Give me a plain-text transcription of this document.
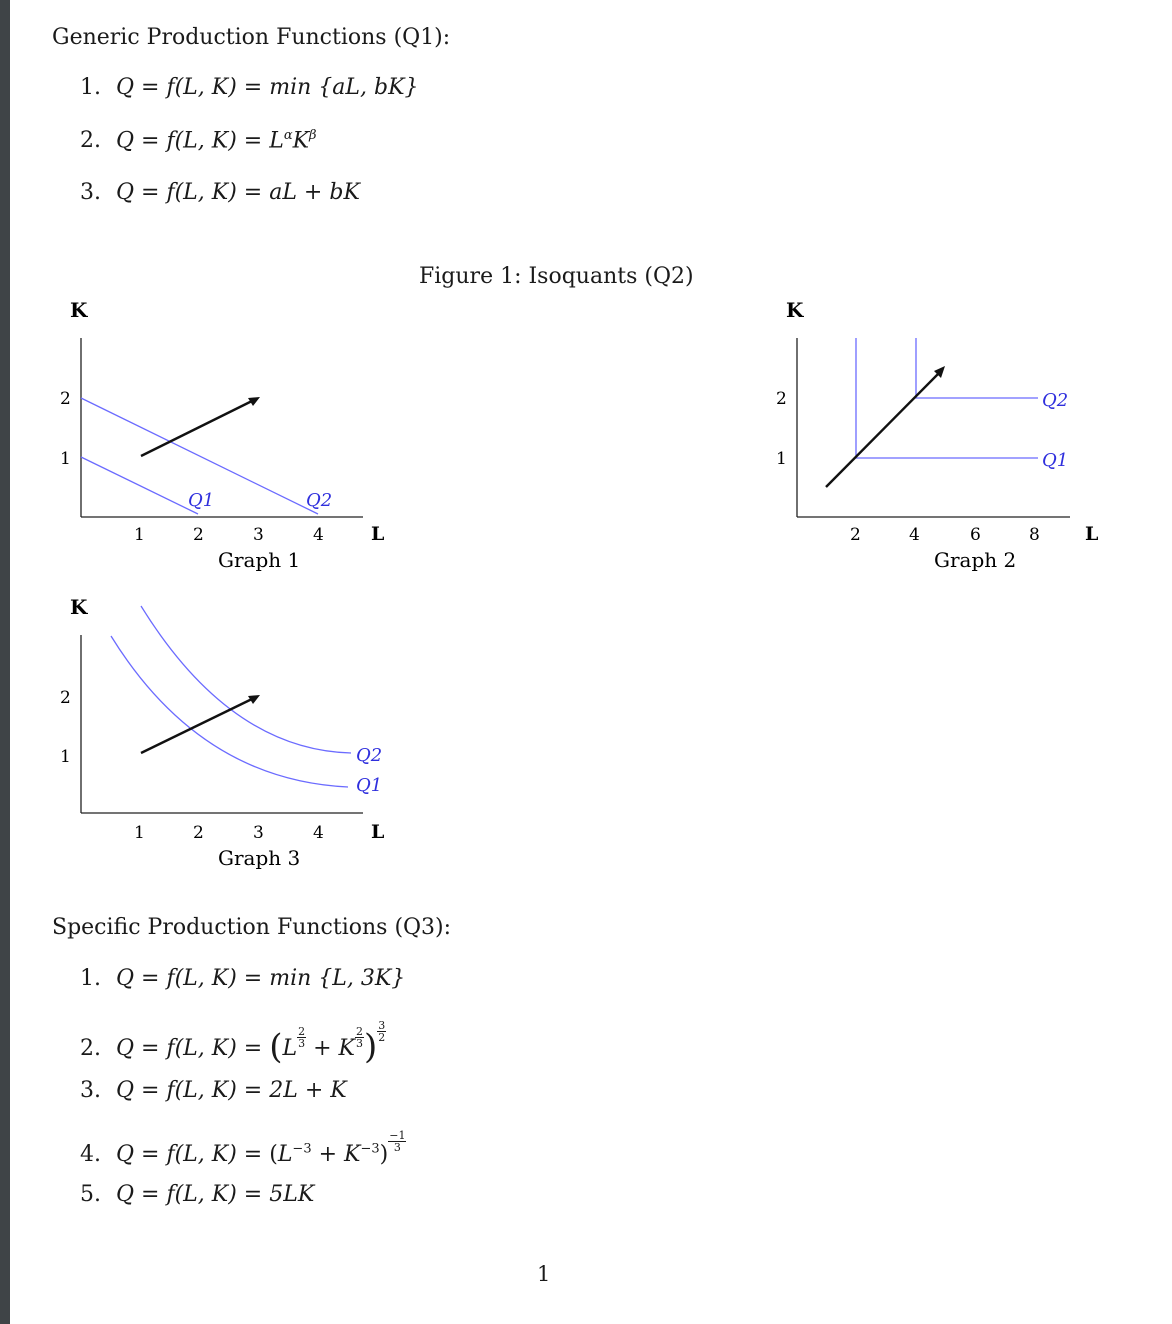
Generic Production Functions (Q1):
1. Q = f(L, K) = min {aL, bK}
2. Q = f(L, $K) = L^\alpha K^\beta$
3. Q = f(L, K) = aL + bK
Figure 1: Isoquants (Q2)
K
2
1
1	2	3	4 L
Q1	Q2
Graph 1
K
2
1
2	4	6	8 L
Q2
Q1
Graph 2
K
2
1
1	2	3	4 L
Q2
Q1
Graph 3
Specific Production Functions (Q3):
1. Q = f(L, K) = min {L, 3K}
2. Q = f(L, $K) = (L \frac{2}{3} + K \frac{2}{3}$ ) $\frac{3}{2}$
3. Q = f(L, K) = 2L + K
4. Q = f(L, $K) = (L^{-3} + K^{-3})$
$\frac{-1}{3}$
5. Q = f(L, K) = 5LK
1
